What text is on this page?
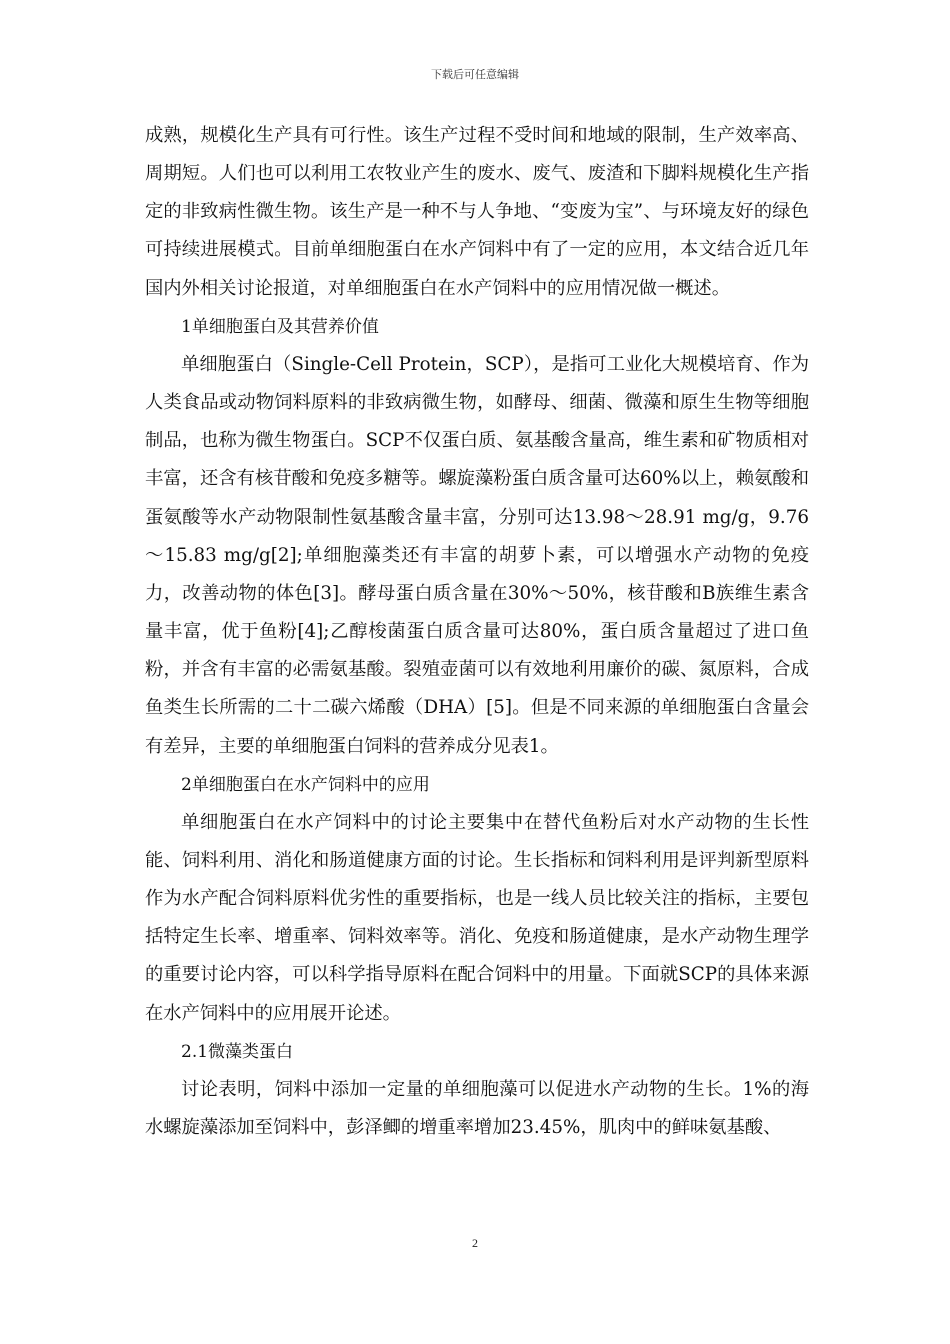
下载后可任意编辑

成熟，规模化生产具有可行性。该生产过程不受时间和地域的限制，生产效率高、周期短。人们也可以利用工农牧业产生的废水、废气、废渣和下脚料规模化生产指定的非致病性微生物。该生产是一种不与人争地、“变废为宝”、与环境友好的绿色可持续进展模式。目前单细胞蛋白在水产饲料中有了一定的应用，本文结合近几年国内外相关讨论报道，对单细胞蛋白在水产饲料中的应用情况做一概述。

1单细胞蛋白及其营养价值

单细胞蛋白（Single-Cell Protein，SCP），是指可工业化大规模培育、作为人类食品或动物饲料原料的非致病微生物，如酵母、细菌、微藻和原生生物等细胞制品，也称为微生物蛋白。SCP不仅蛋白质、氨基酸含量高，维生素和矿物质相对丰富，还含有核苷酸和免疫多糖等。螺旋藻粉蛋白质含量可达60%以上，赖氨酸和蛋氨酸等水产动物限制性氨基酸含量丰富，分别可达13.98～28.91 mg/g，9.76～15.83 mg/g[2];单细胞藻类还有丰富的胡萝卜素，可以增强水产动物的免疫力，改善动物的体色[3]。酵母蛋白质含量在30%～50%，核苷酸和B族维生素含量丰富，优于鱼粉[4];乙醇梭菌蛋白质含量可达80%，蛋白质含量超过了进口鱼粉，并含有丰富的必需氨基酸。裂殖壶菌可以有效地利用廉价的碳、氮原料，合成鱼类生长所需的二十二碳六烯酸（DHA）[5]。但是不同来源的单细胞蛋白含量会有差异，主要的单细胞蛋白饲料的营养成分见表1。

2单细胞蛋白在水产饲料中的应用

单细胞蛋白在水产饲料中的讨论主要集中在替代鱼粉后对水产动物的生长性能、饲料利用、消化和肠道健康方面的讨论。生长指标和饲料利用是评判新型原料作为水产配合饲料原料优劣性的重要指标，也是一线人员比较关注的指标，主要包括特定生长率、增重率、饲料效率等。消化、免疫和肠道健康，是水产动物生理学的重要讨论内容，可以科学指导原料在配合饲料中的用量。下面就SCP的具体来源在水产饲料中的应用展开论述。

2.1微藻类蛋白

讨论表明，饲料中添加一定量的单细胞藻可以促进水产动物的生长。1%的海水螺旋藻添加至饲料中，彭泽鲫的增重率增加23.45%，肌肉中的鲜味氨基酸、

2
